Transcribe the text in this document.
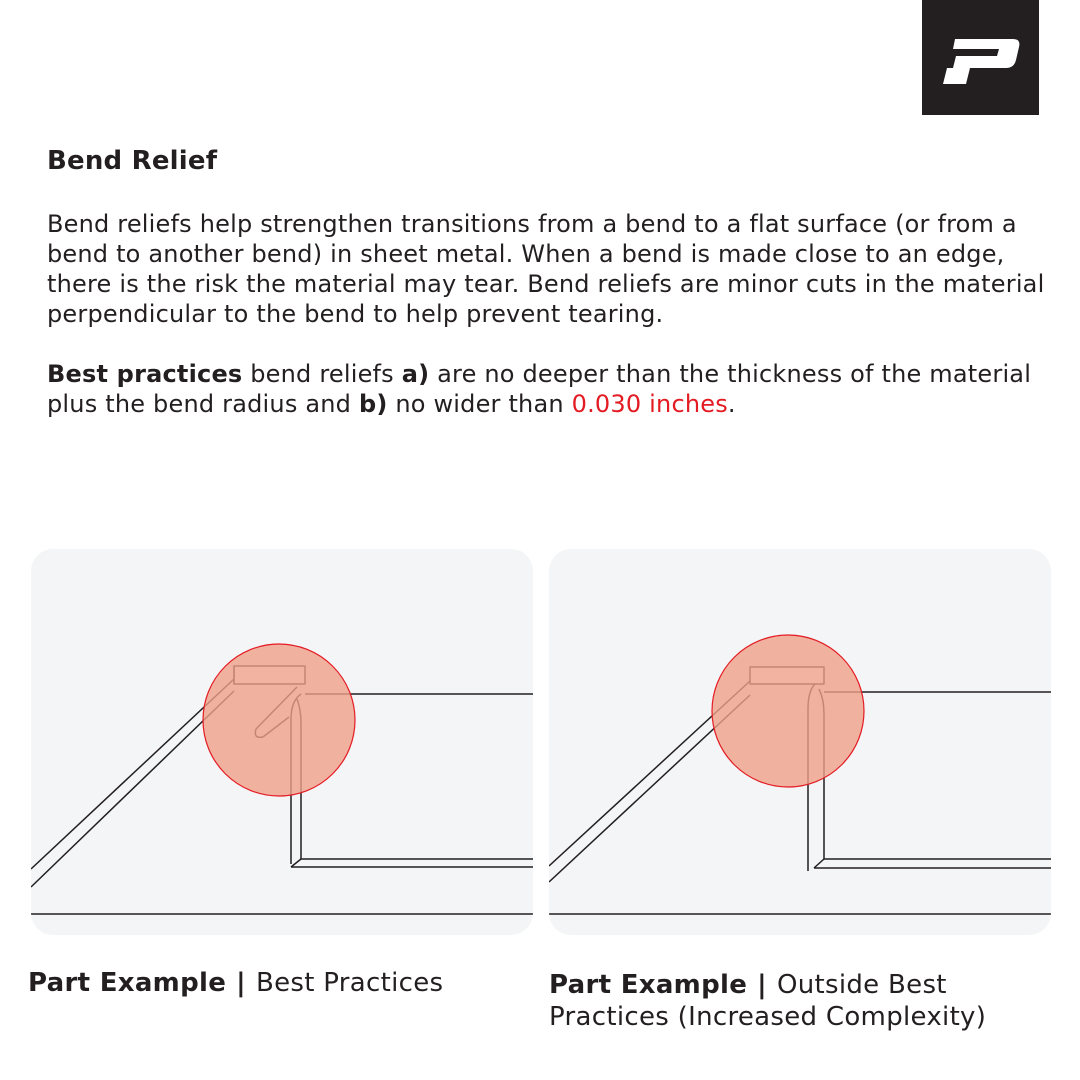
Bend Relief

Bend reliefs help strengthen transitions from a bend to a flat surface (or from a bend to another bend) in sheet metal. When a bend is made close to an edge, there is the risk the material may tear. Bend reliefs are minor cuts in the material perpendicular to the bend to help prevent tearing.

Best practices bend reliefs a) are no deeper than the thickness of the material plus the bend radius and b) no wider than 0.030 inches.

Part Example | Best Practices	Part Example | Outside Best Practices (Increased Complexity)
